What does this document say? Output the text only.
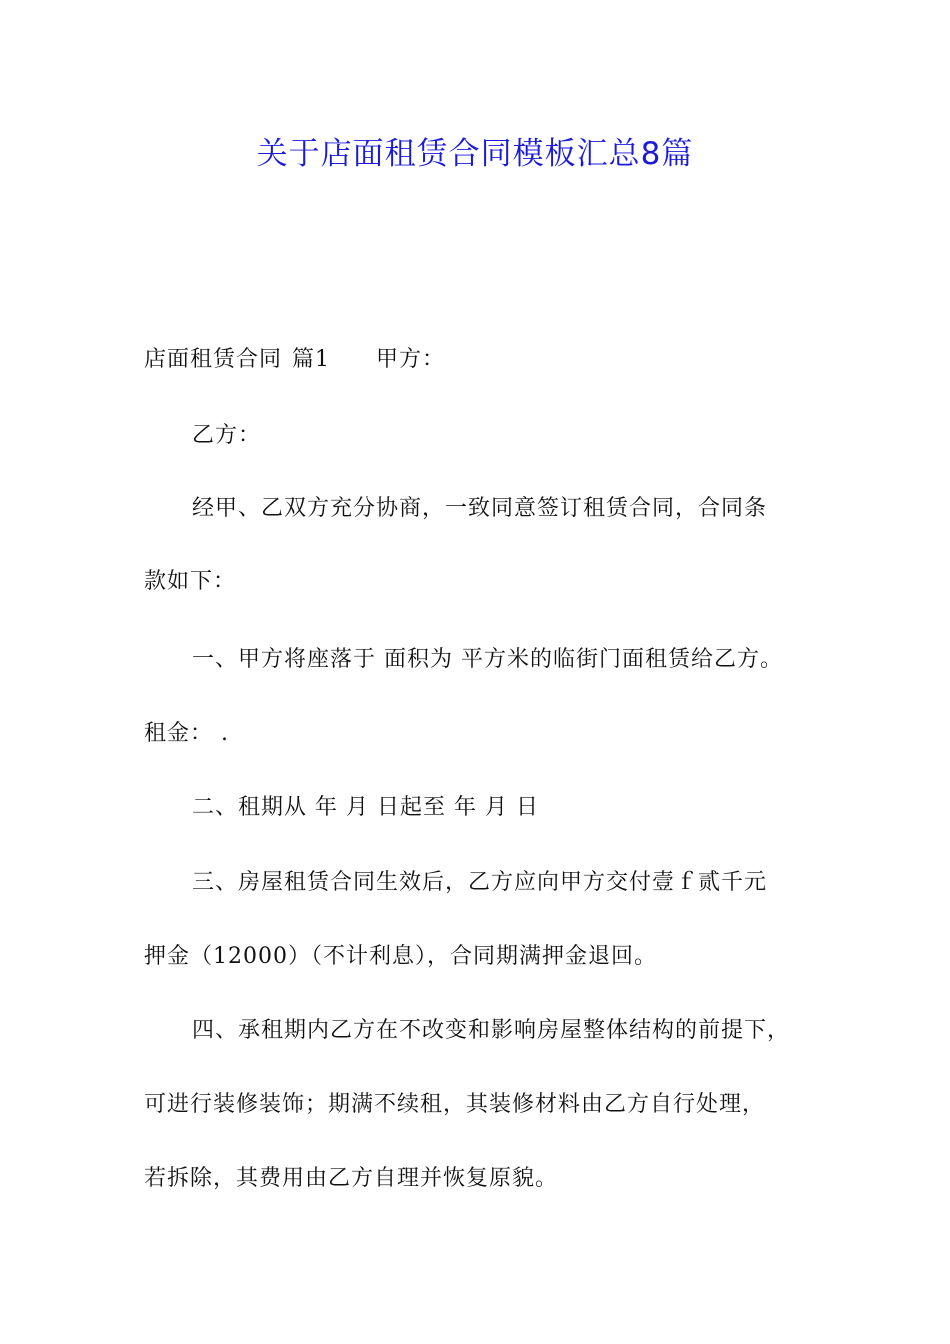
关于店面租赁合同模板汇总8篇
店面租赁合同 篇1 甲方：
乙方：
经甲、乙双方充分协商，一致同意签订租赁合同，合同条
款如下：
一、甲方将座落于 面积为 平方米的临街门面租赁给乙方。
租金： .
二、租期从 年 月 日起至 年 月 日
三、房屋租赁合同生效后，乙方应向甲方交付壹ｆ贰千元
押金（12000）（不计利息），合同期满押金退回。
四、承租期内乙方在不改变和影响房屋整体结构的前提下，
可进行装修装饰；期满不续租，其装修材料由乙方自行处理，
若拆除，其费用由乙方自理并恢复原貌。
